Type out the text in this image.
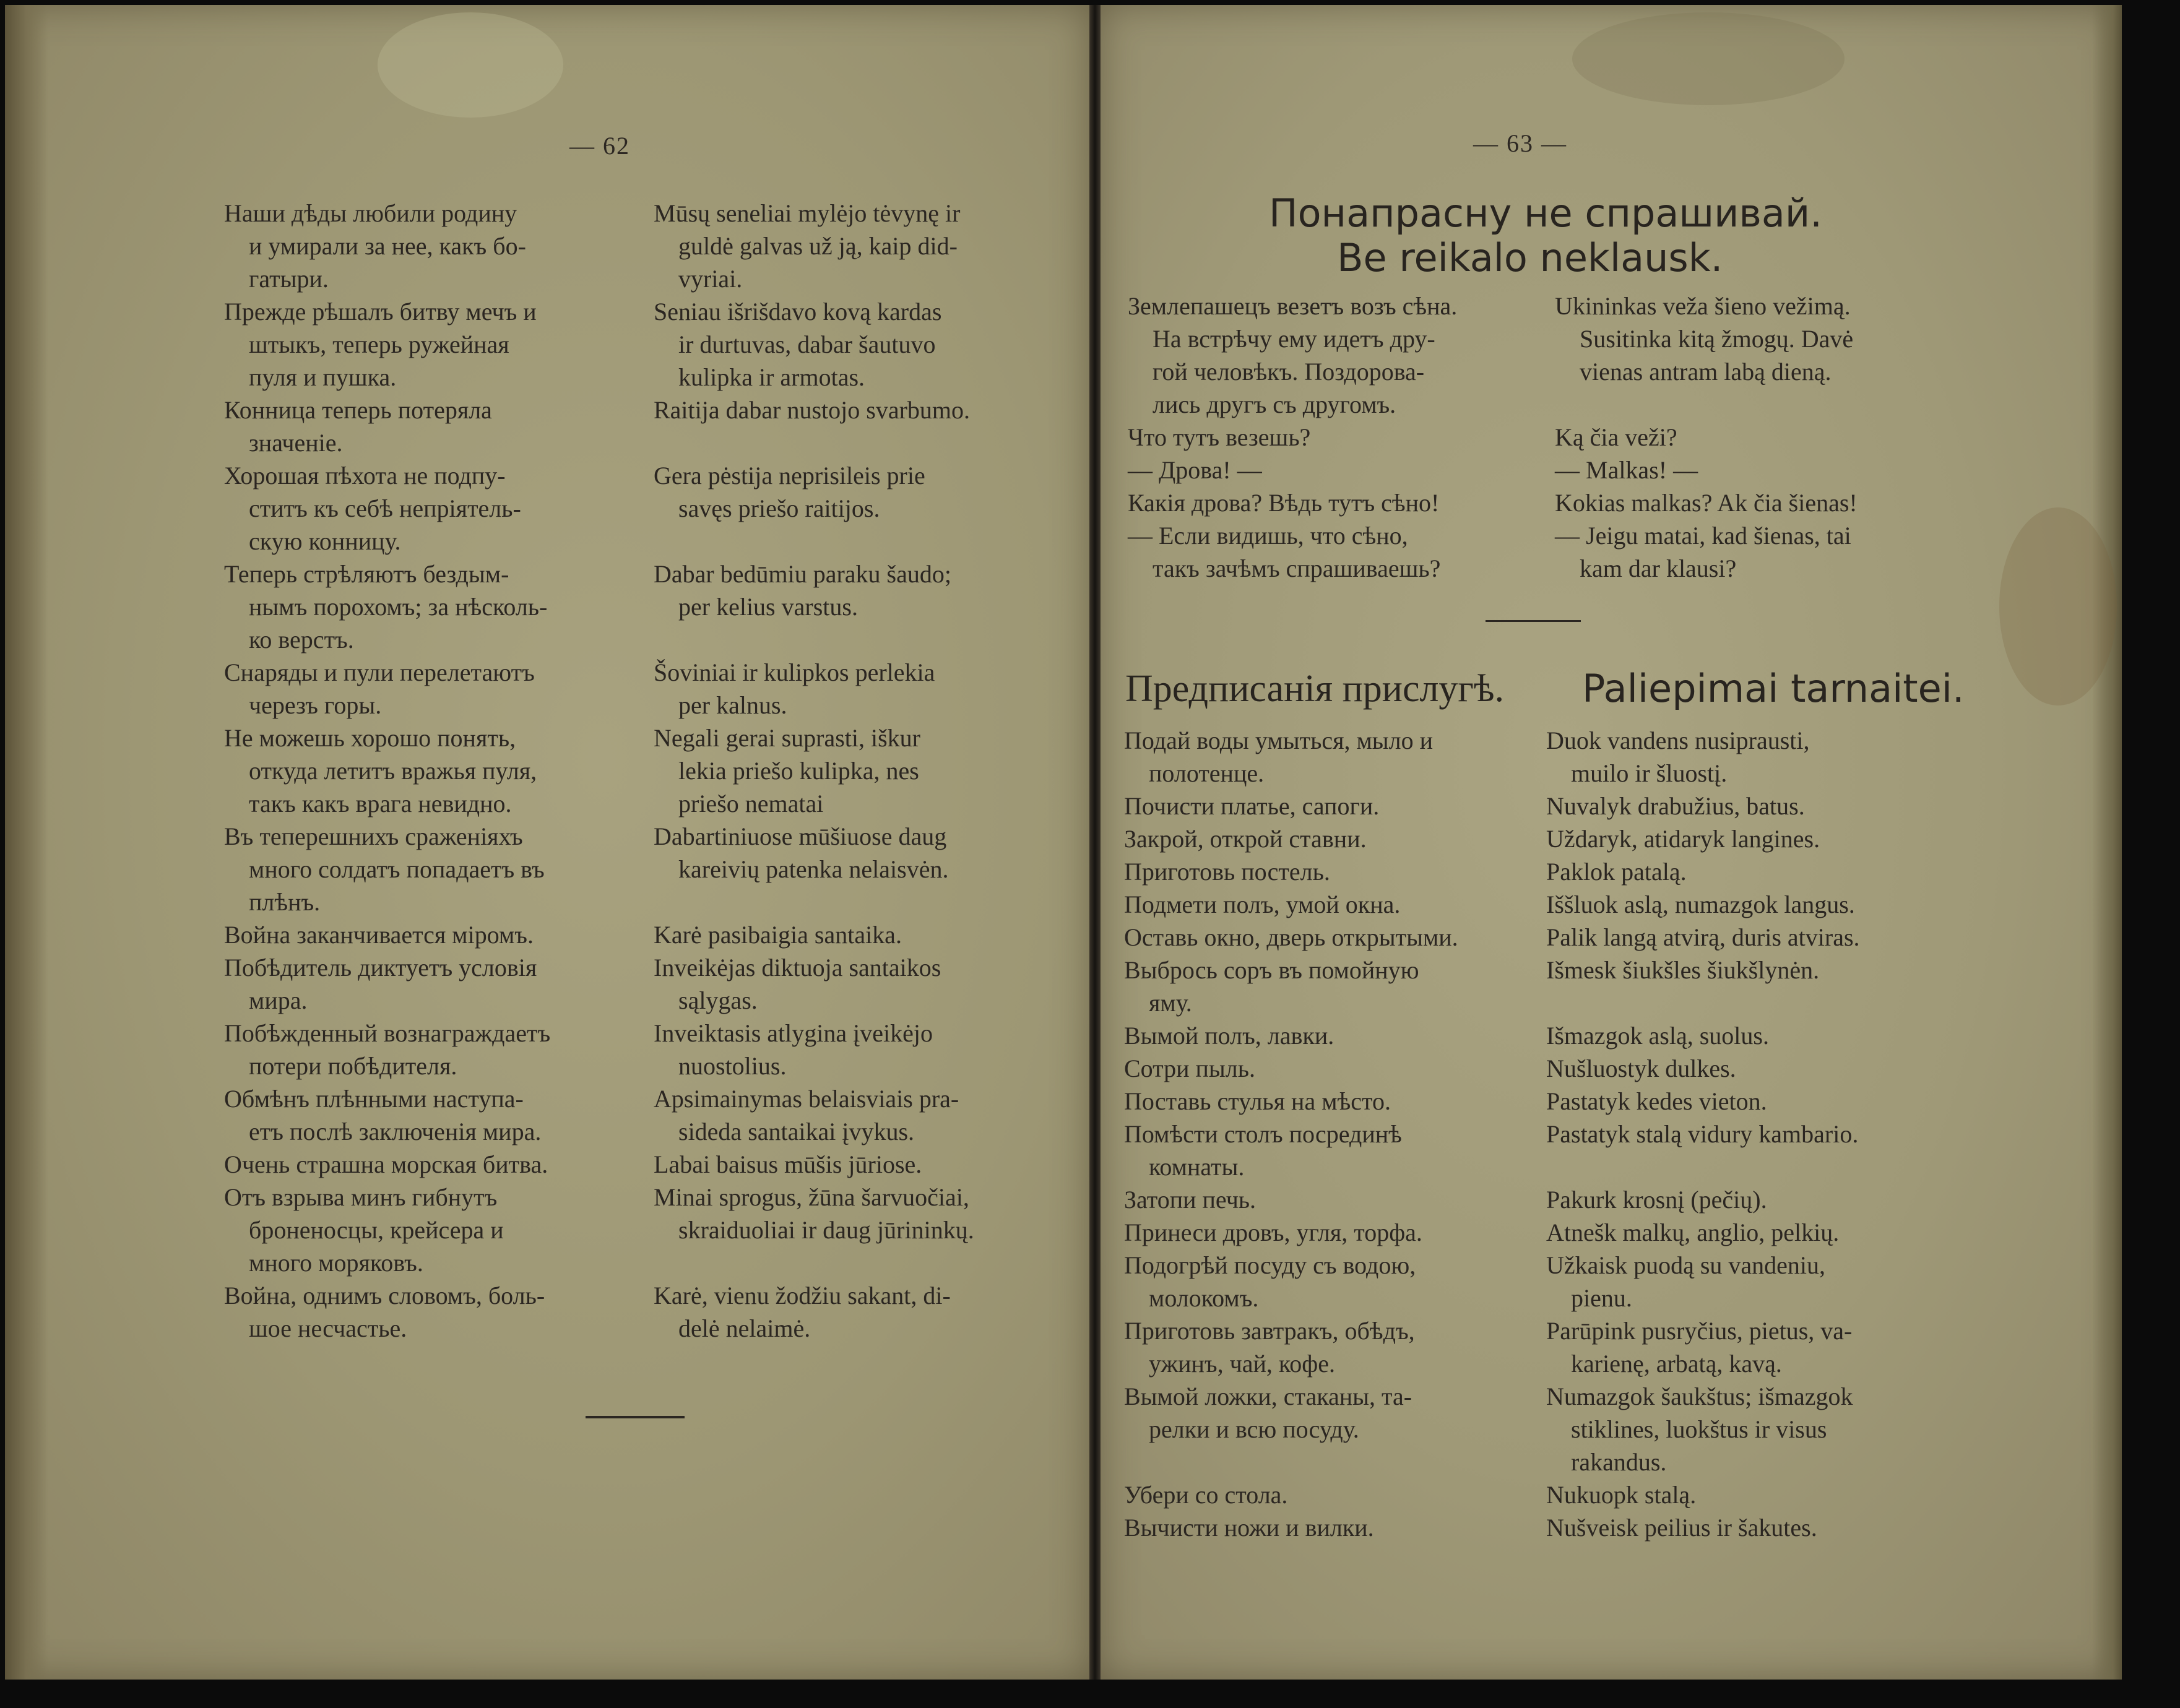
— 62	— 63 —
Наши дѣды любили родину
и умирали за нее, какъ бо-
гатыри.
Прежде рѣшалъ битву мечъ и
штыкъ, теперь ружейная
пуля и пушка.
Конница теперь потеряла
значеніе.
Хорошая пѣхота не подпу-
ститъ къ себѣ непріятель-
скую конницу.
Теперь стрѣляютъ бездым-
нымъ порохомъ; за нѣсколь-
ко верстъ.
Снаряды и пули перелетаютъ
черезъ горы.
Не можешь хорошо понять,
откуда летитъ вражья пуля,
такъ какъ врага невидно.
Въ теперешнихъ сраженіяхъ
много солдатъ попадаетъ въ
плѣнъ.
Война заканчивается міромъ.
Побѣдитель диктуетъ условія
мира.
Побѣжденный вознаграждаетъ
потери побѣдителя.
Обмѣнъ плѣнными наступа-
етъ послѣ заключенія мира.
Очень страшна морская битва.
Отъ взрыва минъ гибнутъ
броненосцы, крейсера и
много моряковъ.
Война, однимъ словомъ, боль-
шое несчастье.
Mūsų seneliai mylėjo tėvynę ir
guldė galvas už ją, kaip did-
vyriai.
Seniau išrišdavo kovą kardas
ir durtuvas, dabar šautuvo
kulipka ir armotas.
Raitija dabar nustojo svarbumo.
Gera pėstija neprisileis prie
savęs priešo raitijos.
Dabar bedūmiu paraku šaudo;
per kelius varstus.
Šoviniai ir kulipkos perlekia
per kalnus.
Negali gerai suprasti, iškur
lekia priešo kulipka, nes
priešo nematai
Dabartiniuose mūšiuose daug
kareivių patenka nelaisvėn.
Karė pasibaigia santaika.
Inveikėjas diktuoja santaikos
sąlygas.
Inveiktasis atlygina įveikėjo
nuostolius.
Apsimainymas belaisviais pra-
sideda santaikai įvykus.
Labai baisus mūšis jūriose.
Minai sprogus, žūna šarvuočiai,
skraiduoliai ir daug jūrininkų.
Karė, vienu žodžiu sakant, di-
delė nelaimė.
Понапрасну не спрашивай.
Be reikalo neklausk.
Землепашецъ везетъ возъ сѣна.
На встрѣчу ему идетъ дру-
гой человѣкъ. Поздорова-
лись другъ съ другомъ.
Что тутъ везешь?
— Дрова! —
Какія дрова? Вѣдь тутъ сѣно!
— Если видишь, что сѣно,
такъ зачѣмъ спрашиваешь?
Ukininkas veža šieno vežimą.
Susitinka kitą žmogų. Davė
vienas antram labą dieną.
Ką čia veži?
— Malkas! —
Kokias malkas? Ak čia šienas!
— Jeigu matai, kad šienas, tai
kam dar klausi?
Предписанія прислугѣ. Paliepimai tarnaitei.
Подай воды умыться, мыло и
полотенце.
Почисти платье, сапоги.
Закрой, открой ставни.
Приготовь постель.
Подмети полъ, умой окна.
Оставь окно, дверь открытыми.
Выбрось соръ въ помойную
яму.
Вымой полъ, лавки.
Сотри пыль.
Поставь стулья на мѣсто.
Помѣсти столъ посрединѣ
комнаты.
Затопи печь.
Принеси дровъ, угля, торфа.
Подогрѣй посуду съ водою,
молокомъ.
Приготовь завтракъ, обѣдъ,
ужинъ, чай, кофе.
Вымой ложки, стаканы, та-
релки и всю посуду.
Убери со стола.
Вычисти ножи и вилки.
Duok vandens nusiprausti,
muilo ir šluostį.
Nuvalyk drabužius, batus.
Uždaryk, atidaryk langines.
Paklok patalą.
Iššluok aslą, numazgok langus.
Palik langą atvirą, duris atviras.
Išmesk šiukšles šiukšlynėn.
Išmazgok aslą, suolus.
Nušluostyk dulkes.
Pastatyk kedes vieton.
Pastatyk stalą vidury kambario.
Pakurk krosnį (pečių).
Atnešk malkų, anglio, pelkių.
Užkaisk puodą su vandeniu,
pienu.
Parūpink pusryčius, pietus, va-
karienę, arbatą, kavą.
Numazgok šaukštus; išmazgok
stiklines, luokštus ir visus
rakandus.
Nukuopk stalą.
Nušveisk peilius ir šakutes.
